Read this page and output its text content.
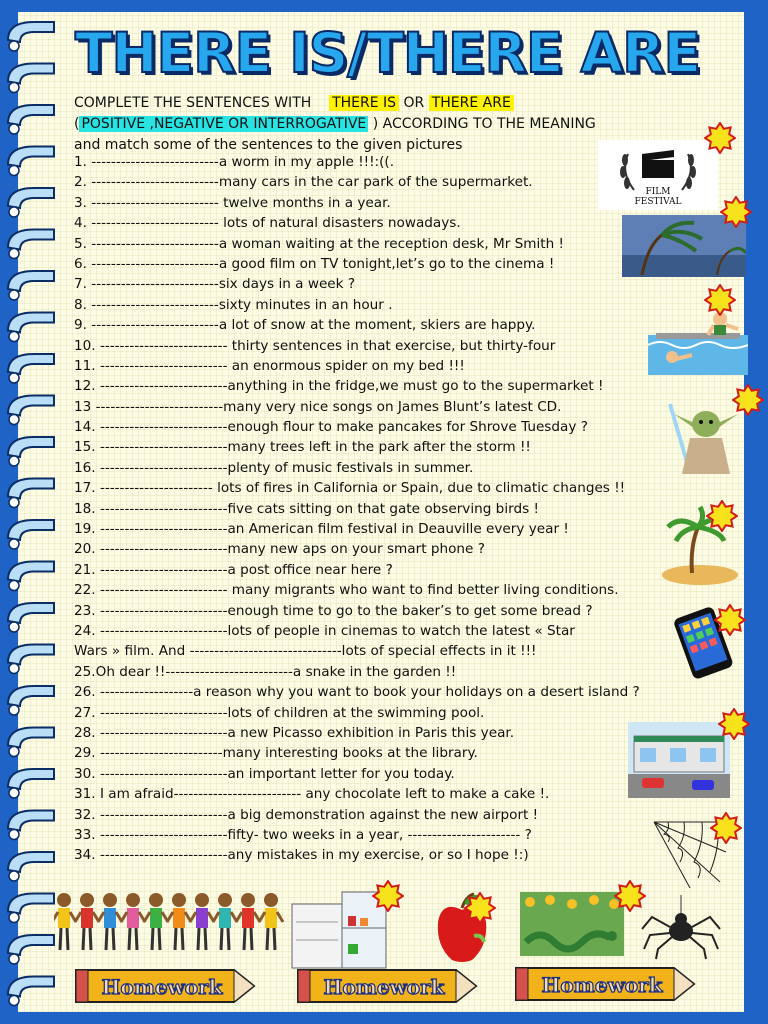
THERE IS/THERE ARE
COMPLETE THE SENTENCES WITH THERE IS OR THERE ARE
( POSITIVE ,NEGATIVE OR INTERROGATIVE ) ACCORDING TO THE MEANING
and match some of the sentences to the given pictures
1. --------------------------a worm in my apple !!!:((.
2. --------------------------many cars in the car park of the supermarket.
3. -------------------------- twelve months in a year.
4. -------------------------- lots of natural disasters nowadays.
5. --------------------------a woman waiting at the reception desk, Mr Smith !
6. --------------------------a good film on TV tonight,let’s go to the cinema !
7. --------------------------six days in a week ?
8. --------------------------sixty minutes in an hour .
9. --------------------------a lot of snow at the moment, skiers are happy.
10. -------------------------- thirty sentences in that exercise, but thirty-four
11. -------------------------- an enormous spider on my bed !!!
12. --------------------------anything in the fridge,we must go to the supermarket !
13 --------------------------many very nice songs on James Blunt’s latest CD.
14. --------------------------enough flour to make pancakes for Shrove Tuesday ?
15. --------------------------many trees left in the park after the storm !!
16. --------------------------plenty of music festivals in summer.
17. ----------------------- lots of fires in California or Spain, due to climatic changes !!
18. --------------------------five cats sitting on that gate observing birds !
19. --------------------------an American film festival in Deauville every year !
20. --------------------------many new aps on your smart phone ?
21. --------------------------a post office near here ?
22. -------------------------- many migrants who want to find better living conditions.
23. --------------------------enough time to go to the baker’s to get some bread ?
24. --------------------------lots of people in cinemas to watch the latest « Star
Wars » film. And -------------------------------lots of special effects in it !!!
25.Oh dear !!--------------------------a snake in the garden !!
26. -------------------a reason why you want to book your holidays on a desert island ?
27. --------------------------lots of children at the swimming pool.
28. --------------------------a new Picasso exhibition in Paris this year.
29. -------------------------many interesting books at the library.
30. --------------------------an important letter for you today.
31. I am afraid-------------------------- any chocolate left to make a cake !.
32. --------------------------a big demonstration against the new airport !
33. --------------------------fifty- two weeks in a year, ----------------------- ?
34. --------------------------any mistakes in my exercise, or so I hope !:)
FILM
FESTIVAL
Homework	Homework	Homework
